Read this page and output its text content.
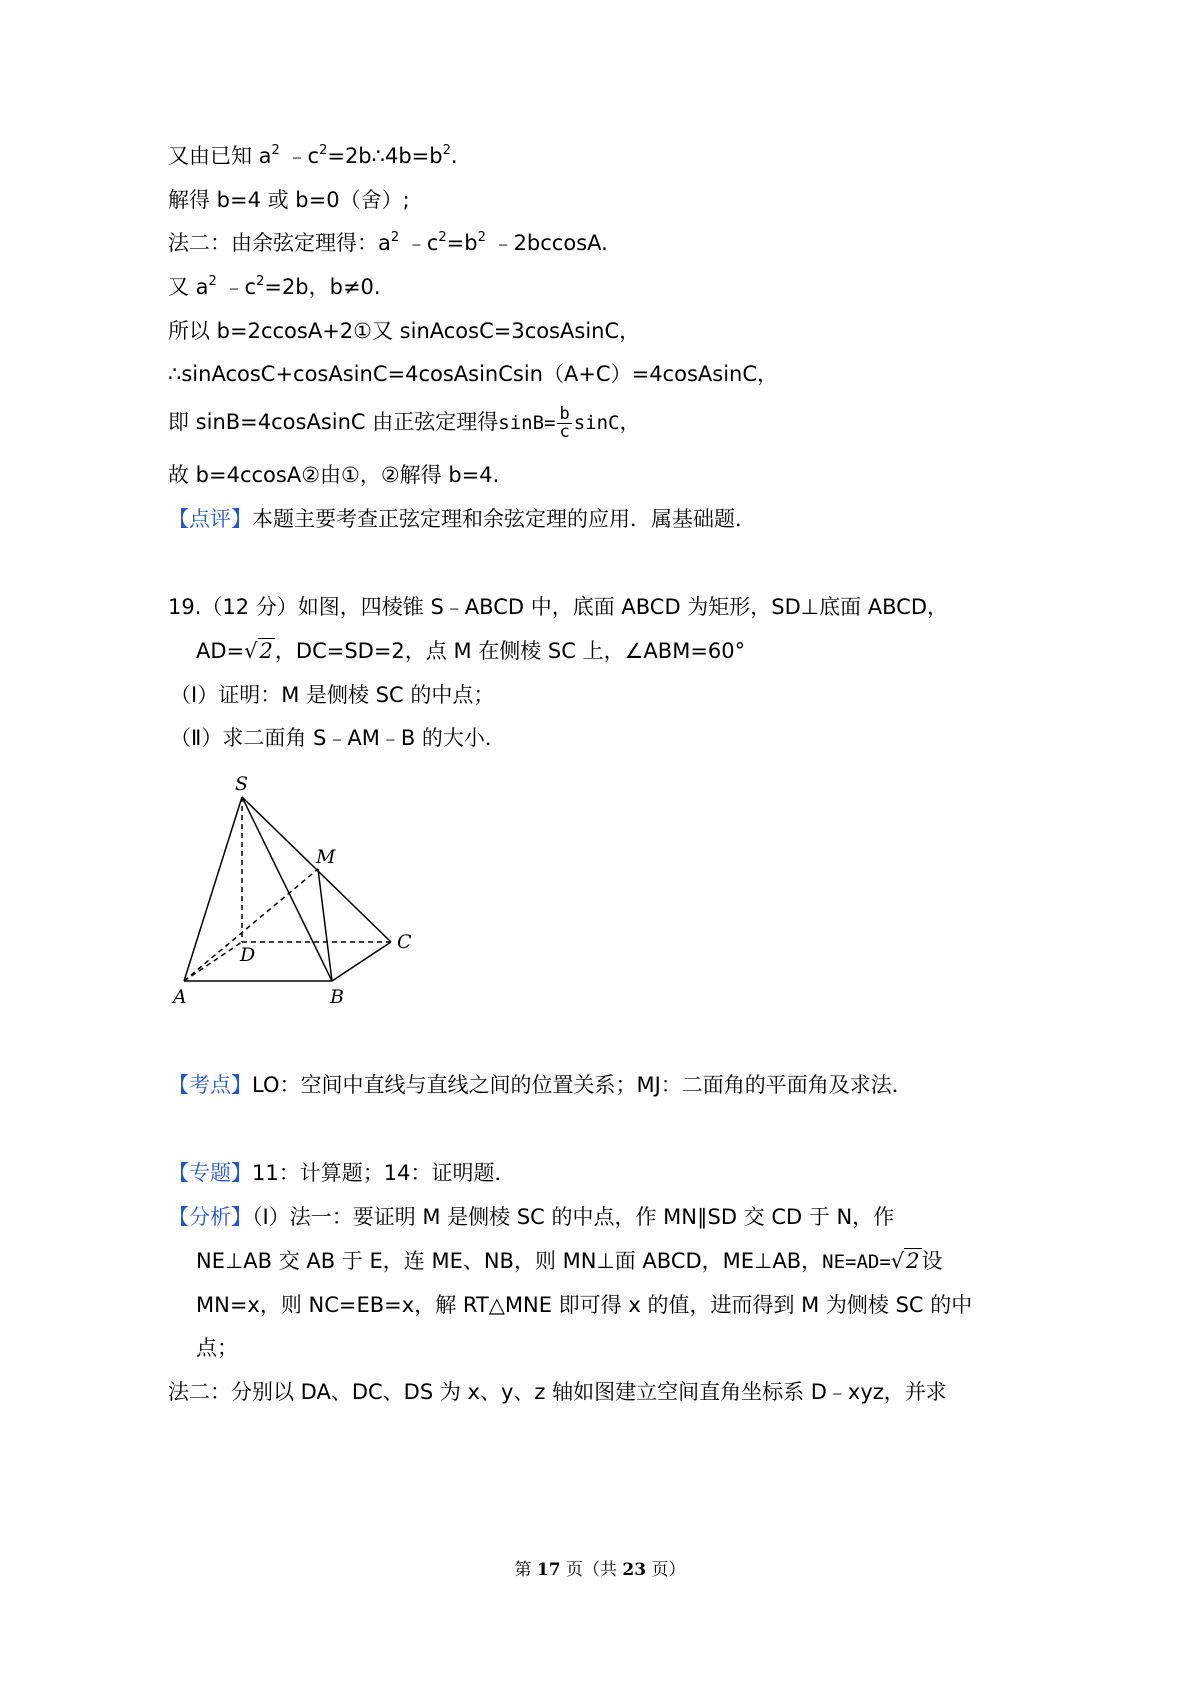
又由已知 $a^2$ $﹣c^2=2b\therefore 4b=b^2$.
解得 b=4 或 b=0（舍）;
法二：由余弦定理得：$a^2$ $﹣c^2=b^2$ ﹣2bccosA.
又 $a^2$ $﹣c^2=2b$，b≠0.
所以 b=2ccosA+2①又 sinAcosC=3cosAsinC，
∴sinAcosC+cosAsinC=4cosAsinCsin（A+C）=4cosAsinC，
即 sinB=4cosAsinC 由正弦定理得$\sin B= \frac{b}{c}$ sinC，
故 b=4ccosA②由①，②解得 b=4.
【点评】本题主要考查正弦定理和余弦定理的应用．属基础题．
19.（12 分）如图，四棱锥 S﹣ABCD 中，底面 ABCD 为矩形，SD⊥底面 ABCD，
AD=√2，DC=SD=2，点 M 在侧棱 SC 上，∠ABM=60°
（I）证明：M 是侧棱 SC 的中点；
（Ⅱ）求二面角 S﹣AM﹣B 的大小．
S
M
C
D
A	B
【考点】LO：空间中直线与直线之间的位置关系；MJ：二面角的平面角及求法．
【专题】11：计算题；14：证明题．
【分析】（Ⅰ）法一：要证明 M 是侧棱 SC 的中点，作 MN∥SD 交 CD 于 N，作
NE⊥AB 交 AB 于 E，连 ME、NB，则 MN⊥面 ABCD，ME⊥AB，NE=AD=√2设
MN=x，则 NC=EB=x，解 RT△MNE 即可得 x 的值，进而得到 M 为侧棱 SC 的中
点；
法二：分别以 DA、DC、DS 为 x、y、z 轴如图建立空间直角坐标系 D﹣xyz，并求
第 17 页（共 23 页）
